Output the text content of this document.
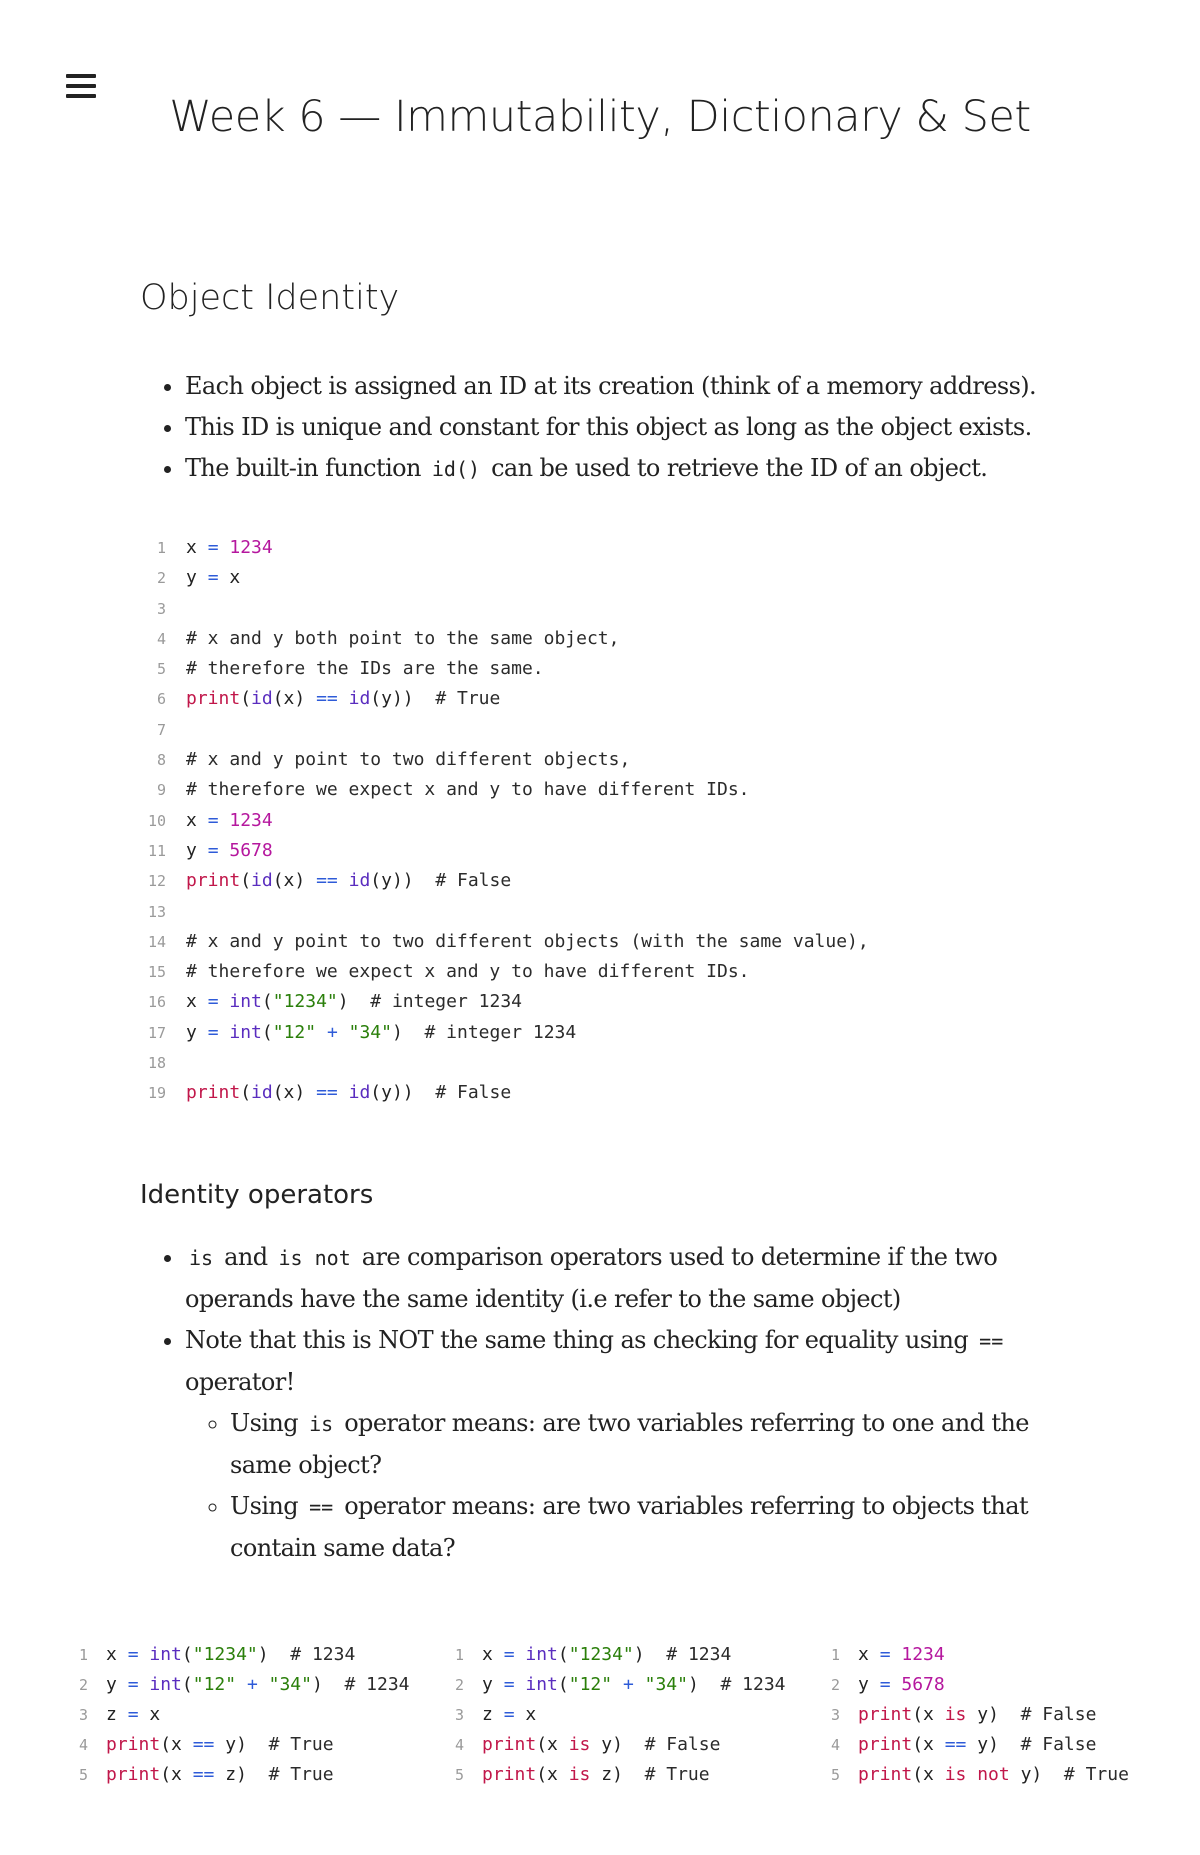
Week 6 — Immutability, Dictionary & Set
Object Identity
• Each object is assigned an ID at its creation (think of a memory address).
• This ID is unique and constant for this object as long as the object exists.
• The built-in function id() can be used to retrieve the ID of an object.
1 x = 1234
2 y = x
3
4 # x and y both point to the same object,
5 # therefore the IDs are the same.
6 print(id(x) == id(y))  # True
7
8 # x and y point to two different objects,
9 # therefore we expect x and y to have different IDs.
10 x = 1234
11 y = 5678
12 print(id(x) == id(y))  # False
13
14 # x and y point to two different objects (with the same value),
15 # therefore we expect x and y to have different IDs.
16 x = int("1234")  # integer 1234
17 y = int("12" + "34")  # integer 1234
18
19 print(id(x) == id(y))  # False
Identity operators
• is and is not are comparison operators used to determine if the two operands have the same identity (i.e refer to the same object)
• Note that this is NOT the same thing as checking for equality using == operator!
◦ Using is operator means: are two variables referring to one and the same object?
◦ Using == operator means: are two variables referring to objects that contain same data?
1 x = int("1234")  # 1234
2 y = int("12" + "34")  # 1234
3 z = x
4 print(x == y)  # True
5 print(x == z)  # True
1 x = int("1234")  # 1234
2 y = int("12" + "34")  # 1234
3 z = x
4 print(x is y)  # False
5 print(x is z)  # True
1 x = 1234
2 y = 5678
3 print(x is y)  # False
4 print(x == y)  # False
5 print(x is not y)  # True
